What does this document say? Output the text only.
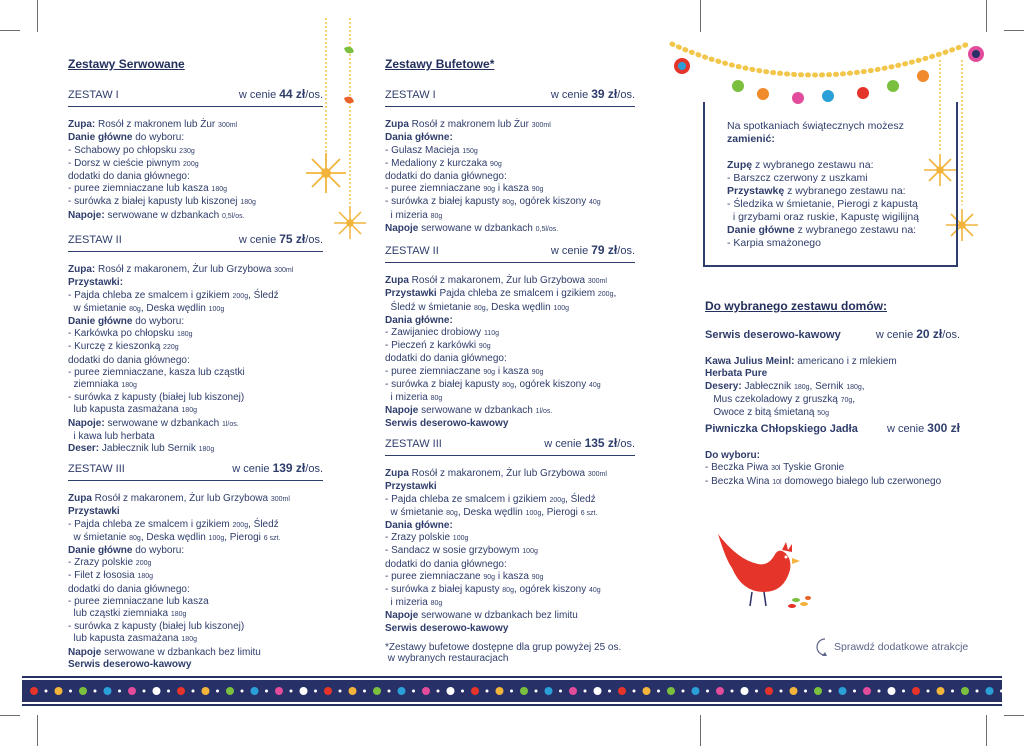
Zestawy Serwowane
ZESTAW I	w cenie 44 zł/os.
Zupa: Rosół z makronem lub Żur 300ml
Danie główne do wyboru:
- Schabowy po chłopsku 230g
- Dorsz w cieście piwnym 200g
dodatki do dania głównego:
- puree ziemniaczane lub kasza 180g
- surówka z białej kapusty lub kiszonej 180g
Napoje: serwowane w dzbankach 0,5l/os.
ZESTAW II	w cenie 75 zł/os.
Zupa: Rosół z makaronem, Żur lub Grzybowa 300ml
Przystawki:
- Pajda chleba ze smalcem i gzikiem 200g, Śledź
w śmietanie 80g, Deska wędlin 100g
Danie główne do wyboru:
- Karkówka po chłopsku 180g
- Kurczę z kieszonką 220g
dodatki do dania głównego:
- puree ziemniaczane, kasza lub cząstki
ziemniaka 180g
- surówka z kapusty (białej lub kiszonej)
lub kapusta zasmażana 180g
Napoje: serwowane w dzbankach 1l/os.
i kawa lub herbata
Deser: Jabłecznik lub Sernik 180g
ZESTAW III	w cenie 139 zł/os.
Zupa Rosół z makaronem, Żur lub Grzybowa 300ml
Przystawki
- Pajda chleba ze smalcem i gzikiem 200g, Śledź
w śmietanie 80g, Deska wędlin 100g, Pierogi 6 szt.
Danie główne do wyboru:
- Zrazy polskie 200g
- Filet z łososia 180g
dodatki do dania głównego:
- puree ziemniaczane lub kasza
lub cząstki ziemniaka 180g
- surówka z kapusty (białej lub kiszonej)
lub kapusta zasmażana 180g
Napoje serwowane w dzbankach bez limitu
Serwis deserowo-kawowy
Zestawy Bufetowe*
ZESTAW I	w cenie 39 zł/os.
Zupa Rosół z makronem lub Żur 300ml
Dania główne:
- Gulasz Macieja 150g
- Medaliony z kurczaka 90g
dodatki do dania głównego:
- puree ziemniaczane 90g i kasza 90g
- surówka z białej kapusty 80g, ogórek kiszony 40g
i mizeria 80g
Napoje serwowane w dzbankach 0,5l/os.
ZESTAW II	w cenie 79 zł/os.
Zupa Rosół z makaronem, Żur lub Grzybowa 300ml
Przystawki Pajda chleba ze smalcem i gzikiem 200g,
Śledź w śmietanie 80g, Deska wędlin 100g
Dania główne:
- Zawijaniec drobiowy 110g
- Pieczeń z karkówki 90g
dodatki do dania głównego:
- puree ziemniaczane 90g i kasza 90g
- surówka z białej kapusty 80g, ogórek kiszony 40g
i mizeria 80g
Napoje serwowane w dzbankach 1l/os.
Serwis deserowo-kawowy
ZESTAW III	w cenie 135 zł/os.
Zupa Rosół z makaronem, Żur lub Grzybowa 300ml
Przystawki
- Pajda chleba ze smalcem i gzikiem 200g, Śledź
w śmietanie 80g, Deska wędlin 100g, Pierogi 6 szt.
Dania główne:
- Zrazy polskie 100g
- Sandacz w sosie grzybowym 100g
dodatki do dania głównego:
- puree ziemniaczane 90g i kasza 90g
- surówka z białej kapusty 80g, ogórek kiszony 40g
i mizeria 80g
Napoje serwowane w dzbankach bez limitu
Serwis deserowo-kawowy
*Zestawy bufetowe dostępne dla grup powyżej 25 os.
w wybranych restauracjach
Na spotkaniach świątecznych możesz
zamienić:

Zupę z wybranego zestawu na:
- Barszcz czerwony z uszkami
Przystawkę z wybranego zestawu na:
- Śledzika w śmietanie, Pierogi z kapustą
i grzybami oraz ruskie, Kapustę wigilijną
Danie główne z wybranego zestawu na:
- Karpia smażonego
Do wybranego zestawu domów:
Serwis deserowo-kawowy	w cenie 20 zł/os.
Kawa Julius Meinl: americano i z mlekiem
Herbata Pure
Desery: Jabłecznik 180g, Sernik 180g,
Mus czekoladowy z gruszką 70g,
Owoce z bitą śmietaną 50g
Piwniczka Chłopskiego Jadła	w cenie 300 zł
Do wyboru:
- Beczka Piwa 30l Tyskie Gronie
- Beczka Wina 10l domowego białego lub czerwonego
Sprawdź dodatkowe atrakcje
